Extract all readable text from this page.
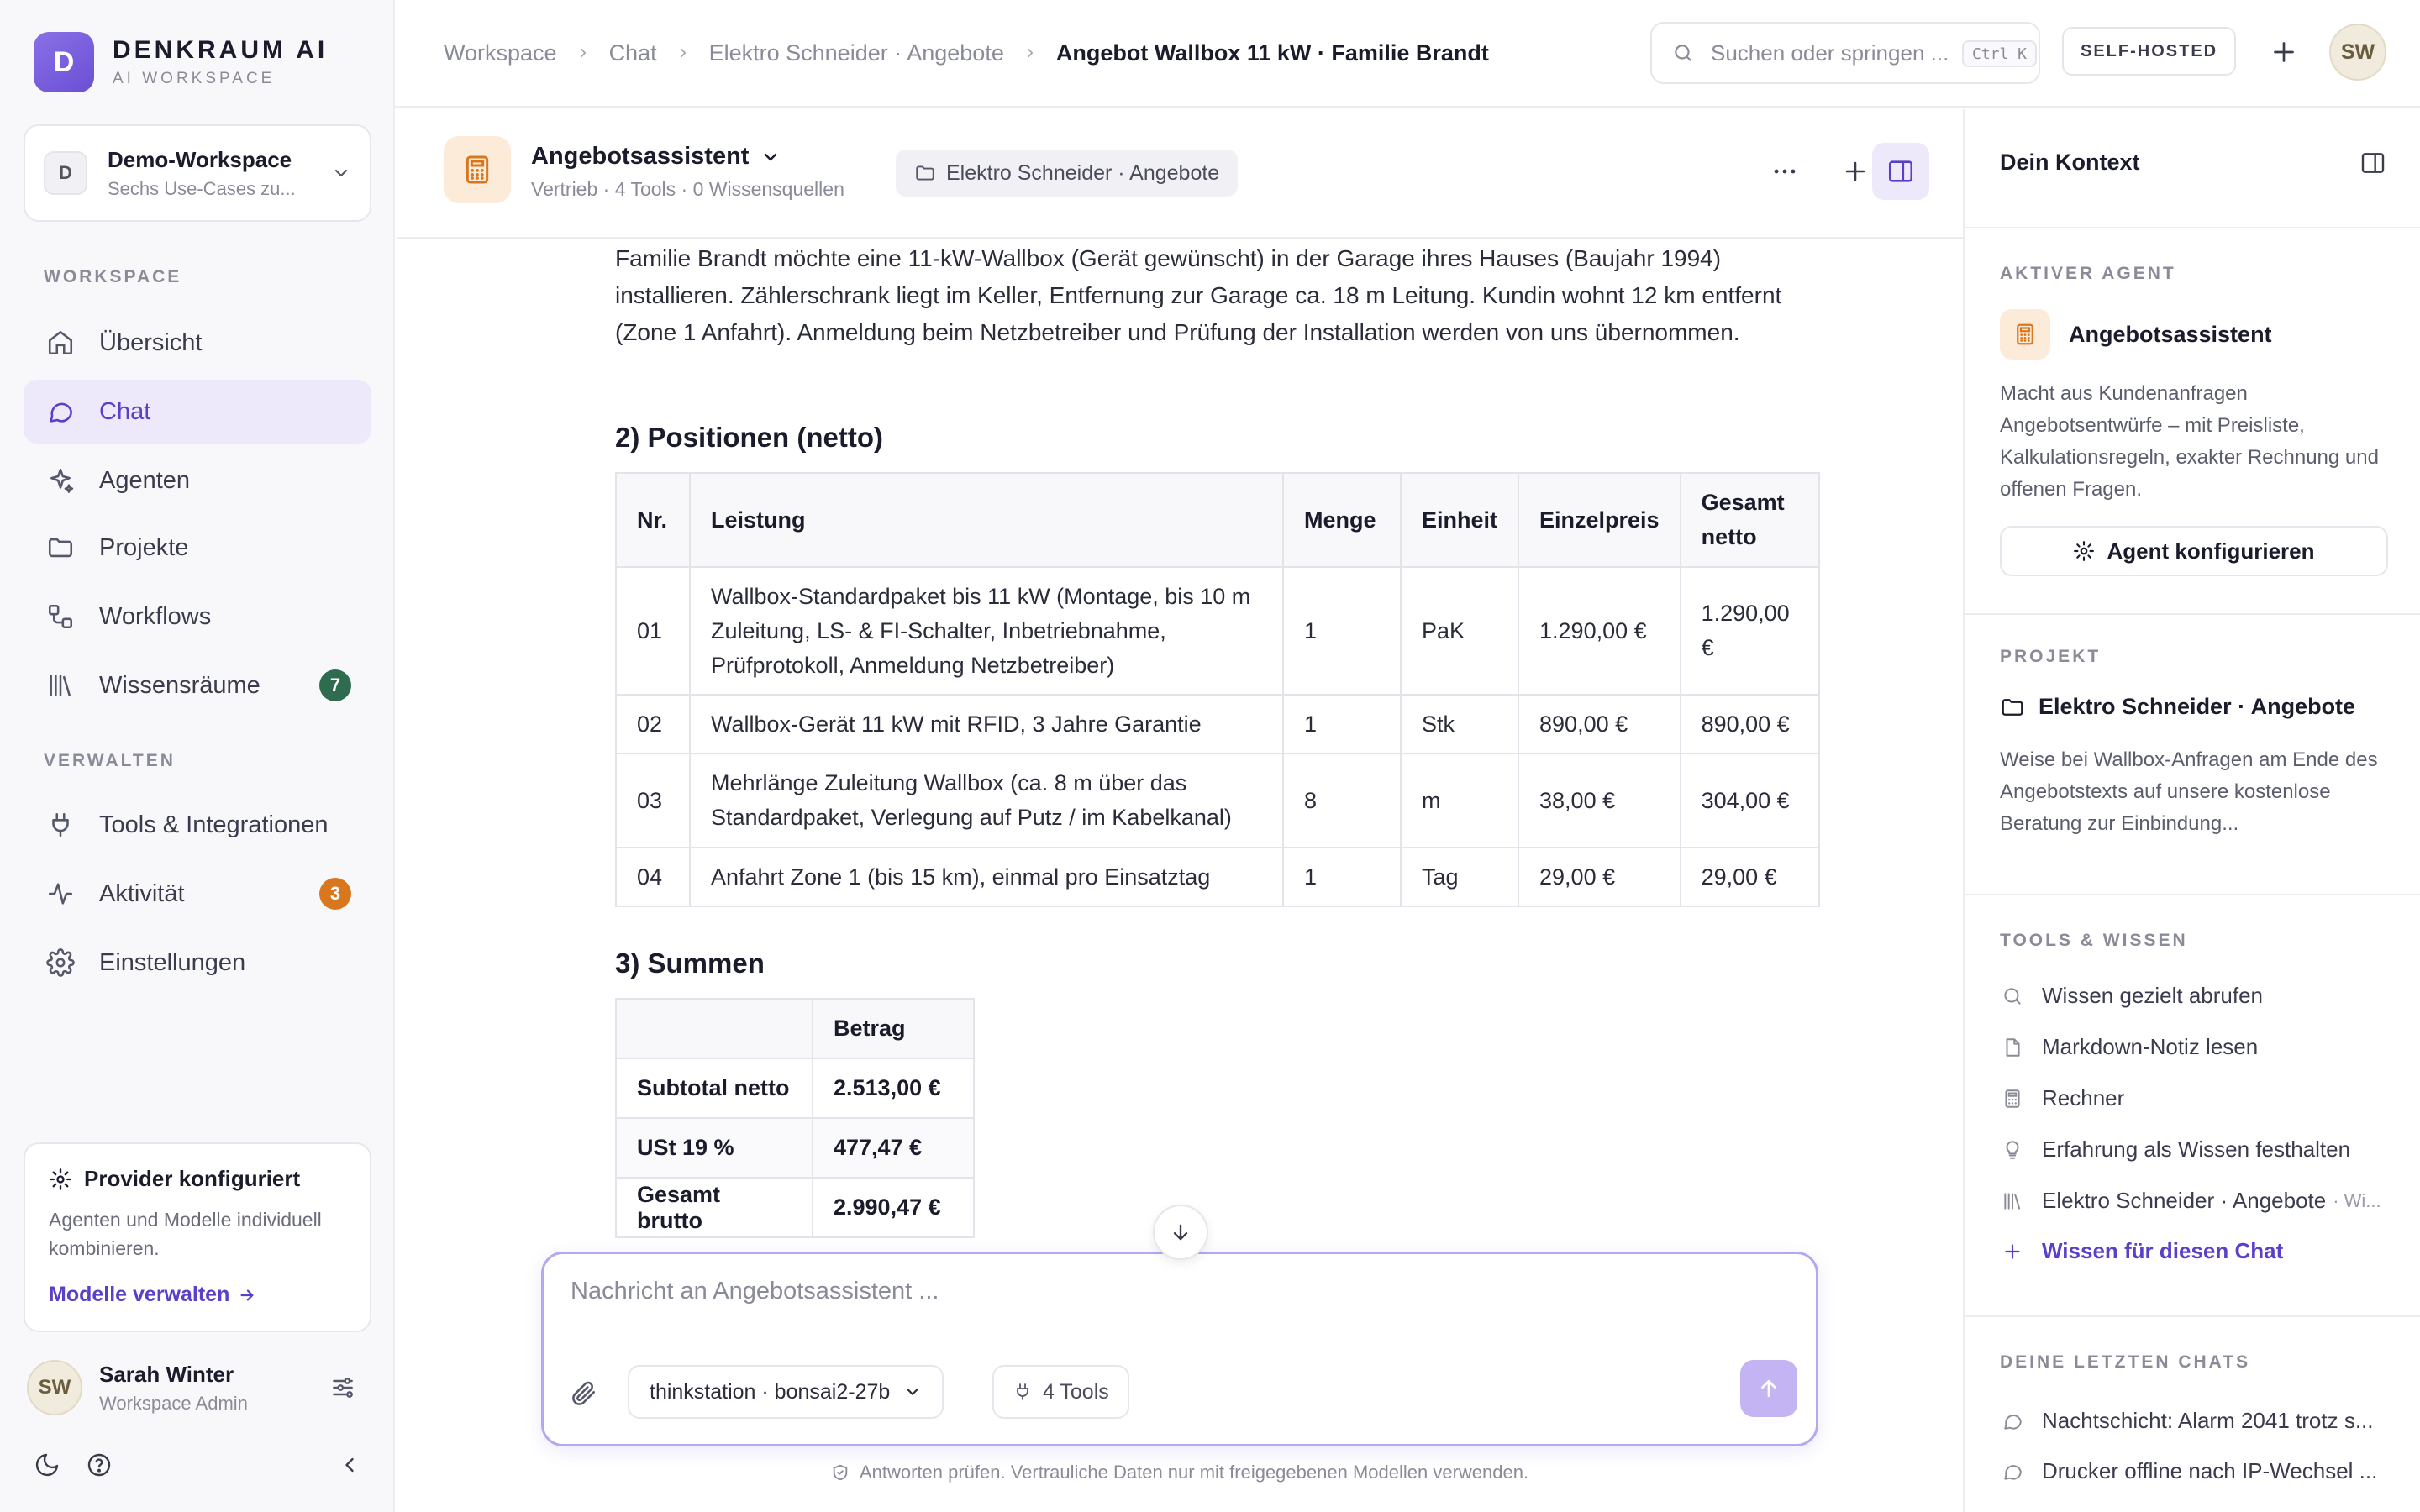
D	DENKRAUM AI
AI WORKSPACE
D
Demo-Workspace
Sechs Use-Cases zu...
WORKSPACE
Übersicht
Chat
Agenten
Projekte
Workflows
Wissensräume	7
VERWALTEN
Tools & Integrationen
Aktivität	3
Einstellungen
Provider konfiguriert
Agenten und Modelle individuell kombinieren.
Modelle verwalten
SW
Sarah Winter
Workspace Admin
Workspace Chat Elektro Schneider · Angebote Angebot Wallbox 11 kW · Familie Brandt	Suchen oder springen ...	Ctrl K	SELF-HOSTED	SW
Angebotsassistent
Vertrieb · 4 Tools · 0 Wissensquellen
Elektro Schneider · Angebote

Familie Brandt möchte eine 11-kW-Wallbox (Gerät gewünscht) in der Garage ihres Hauses (Baujahr 1994) installieren. Zählerschrank liegt im Keller, Entfernung zur Garage ca. 18 m Leitung. Kundin wohnt 12 km entfernt (Zone 1 Anfahrt). Anmeldung beim Netzbetreiber und Prüfung der Installation werden von uns übernommen.

2) Positionen (netto)
Nr.	Leistung	Menge	Einheit	Einzelpreis	Gesamt netto
01	Wallbox-Standardpaket bis 11 kW (Montage, bis 10 m Zuleitung, LS- & FI-Schalter, Inbetriebnahme, Prüfprotokoll, Anmeldung Netzbetreiber)	1	PaK	1.290,00 €	1.290,00 €
02	Wallbox-Gerät 11 kW mit RFID, 3 Jahre Garantie	1	Stk	890,00 €	890,00 €
03	Mehrlänge Zuleitung Wallbox (ca. 8 m über das Standardpaket, Verlegung auf Putz / im Kabelkanal)	8	m	38,00 €	304,00 €
04	Anfahrt Zone 1 (bis 15 km), einmal pro Einsatztag	1	Tag	29,00 €	29,00 €
3) Summen
	Betrag
Subtotal netto	2.513,00 €
USt 19 %	477,47 €
Gesamt brutto	2.990,47 €
Nachricht an Angebotsassistent ...
thinkstation · bonsai2-27b	4 Tools
Antworten prüfen. Vertrauliche Daten nur mit freigegebenen Modellen verwenden.
Dein Kontext
AKTIVER AGENT
Angebotsassistent
Macht aus Kundenanfragen Angebotsentwürfe – mit Preisliste, Kalkulationsregeln, exakter Rechnung und offenen Fragen.
Agent konfigurieren
PROJEKT
Elektro Schneider · Angebote
Weise bei Wallbox-Anfragen am Ende des Angebotstexts auf unsere kostenlose Beratung zur Einbindung...
TOOLS & WISSEN
Wissen gezielt abrufen
Markdown-Notiz lesen
Rechner
Erfahrung als Wissen festhalten
Elektro Schneider · Angebote · Wi...
Wissen für diesen Chat
DEINE LETZTEN CHATS
Nachtschicht: Alarm 2041 trotz s...
Drucker offline nach IP-Wechsel ...
